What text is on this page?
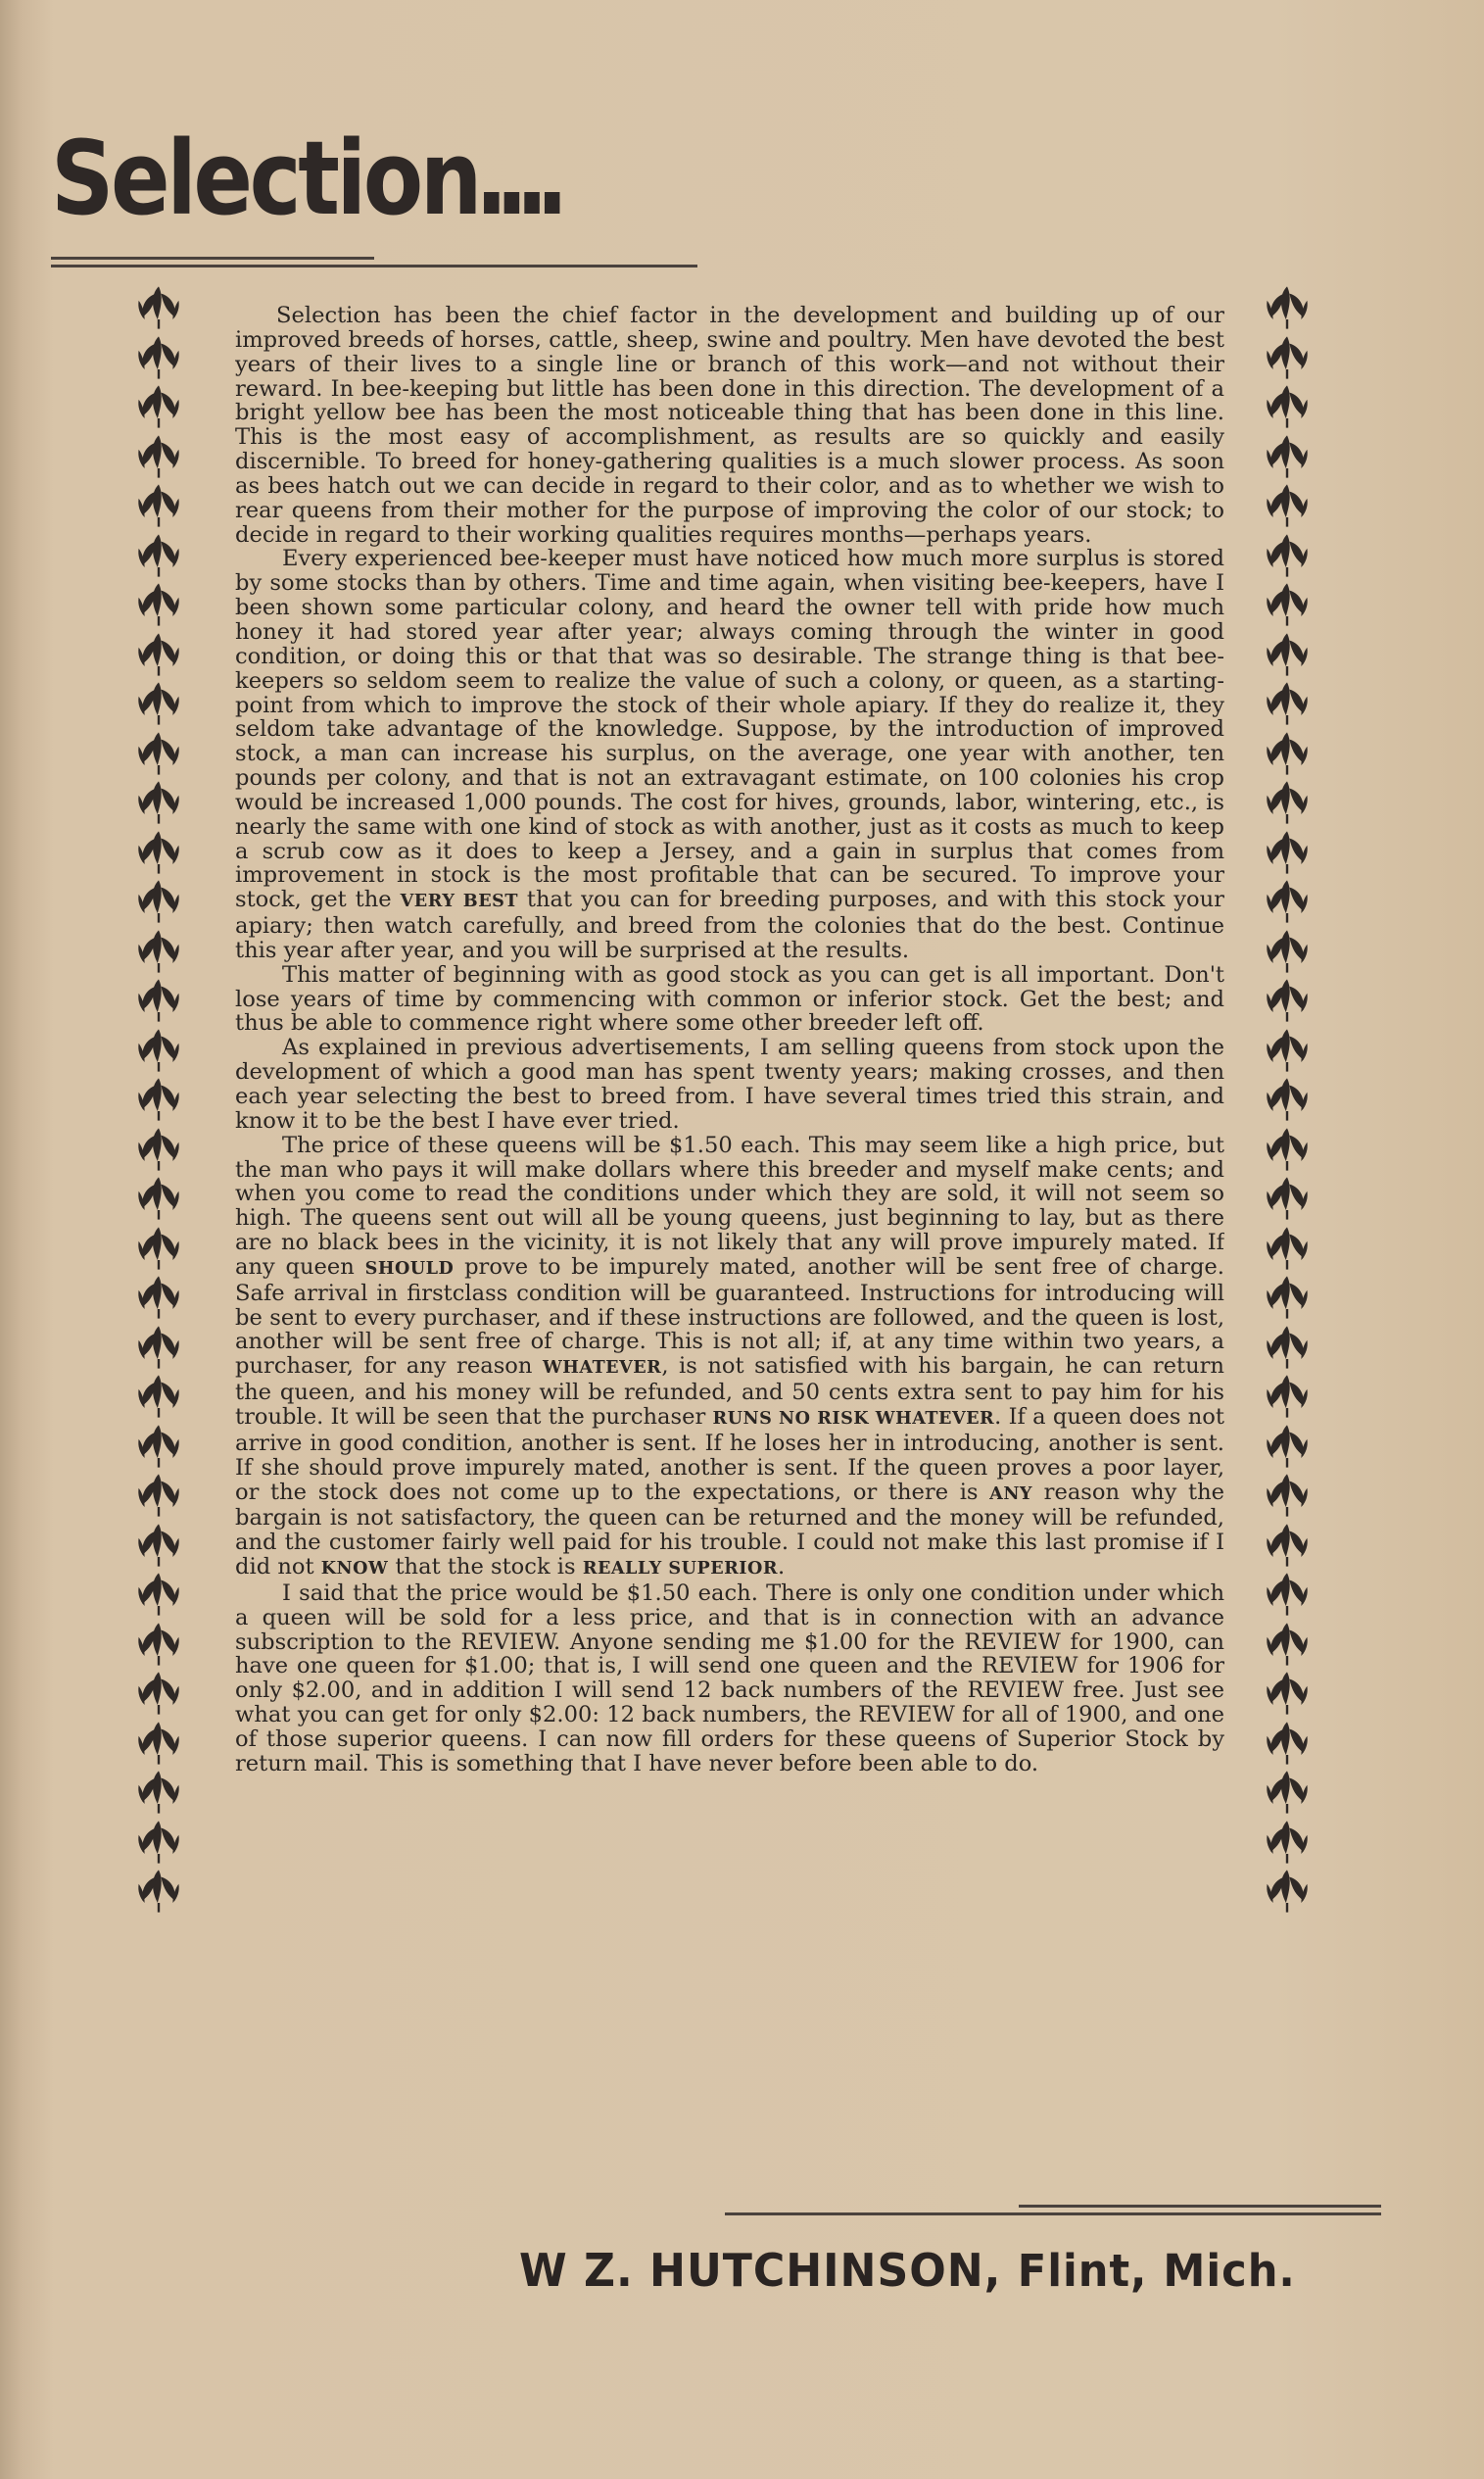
Selection

Selection has been the chief factor in the development and building up of our improved breeds of horses, cattle, sheep, swine and poultry. Men have devoted the best years of their lives to a single line or branch of this work—and not without their reward. In bee-keeping but little has been done in this direction. The development of a bright yellow bee has been the most noticeable thing that has been done in this line. This is the most easy of accomplishment, as results are so quickly and easily discernible. To breed for honey-gathering qualities is a much slower process. As soon as bees hatch out we can decide in regard to their color, and as to whether we wish to rear queens from their mother for the purpose of improving the color of our stock; to decide in regard to their working qualities requires months—perhaps years.

Every experienced bee-keeper must have noticed how much more surplus is stored by some stocks than by others. Time and time again, when visiting bee-keepers, have I been shown some particular colony, and heard the owner tell with pride how much honey it had stored year after year; always coming through the winter in good condition, or doing this or that that was so desirable. The strange thing is that bee-keepers so seldom seem to realize the value of such a colony, or queen, as a starting-point from which to improve the stock of their whole apiary. If they do realize it, they seldom take advantage of the knowledge. Suppose, by the introduction of improved stock, a man can increase his surplus, on the average, one year with another, ten pounds per colony, and that is not an extravagant estimate, on 100 colonies his crop would be increased 1,000 pounds. The cost for hives, grounds, labor, wintering, etc., is nearly the same with one kind of stock as with another, just as it costs as much to keep a scrub cow as it does to keep a Jersey, and a gain in surplus that comes from improvement in stock is the most profitable that can be secured. To improve your stock, get the VERY BEST that you can for breeding purposes, and with this stock your apiary; then watch carefully, and breed from the colonies that do the best. Continue this year after year, and you will be surprised at the results.

This matter of beginning with as good stock as you can get is all important. Don't lose years of time by commencing with common or inferior stock. Get the best; and thus be able to commence right where some other breeder left off.

As explained in previous advertisements, I am selling queens from stock upon the development of which a good man has spent twenty years; making crosses, and then each year selecting the best to breed from. I have several times tried this strain, and know it to be the best I have ever tried.

The price of these queens will be $1.50 each. This may seem like a high price, but the man who pays it will make dollars where this breeder and myself make cents; and when you come to read the conditions under which they are sold, it will not seem so high. The queens sent out will all be young queens, just beginning to lay, but as there are no black bees in the vicinity, it is not likely that any will prove impurely mated. If any queen SHOULD prove to be impurely mated, another will be sent free of charge. Safe arrival in firstclass condition will be guaranteed. Instructions for introducing will be sent to every purchaser, and if these instructions are followed, and the queen is lost, another will be sent free of charge. This is not all; if, at any time within two years, a purchaser, for any reason WHATEVER, is not satisfied with his bargain, he can return the queen, and his money will be refunded, and 50 cents extra sent to pay him for his trouble. It will be seen that the purchaser RUNS NO RISK WHATEVER. If a queen does not arrive in good condition, another is sent. If he loses her in introducing, another is sent. If she should prove impurely mated, another is sent. If the queen proves a poor layer, or the stock does not come up to the expectations, or there is ANY reason why the bargain is not satisfactory, the queen can be returned and the money will be refunded, and the customer fairly well paid for his trouble. I could not make this last promise if I did not KNOW that the stock is REALLY SUPERIOR.

I said that the price would be $1.50 each. There is only one condition under which a queen will be sold for a less price, and that is in connection with an advance subscription to the REVIEW. Anyone sending me $1.00 for the REVIEW for 1900, can have one queen for $1.00; that is, I will send one queen and the REVIEW for 1906 for only $2.00, and in addition I will send 12 back numbers of the REVIEW free. Just see what you can get for only $2.00: 12 back numbers, the REVIEW for all of 1900, and one of those superior queens. I can now fill orders for these queens of Superior Stock by return mail. This is something that I have never before been able to do.

W Z. HUTCHINSON, Flint, Mich.
